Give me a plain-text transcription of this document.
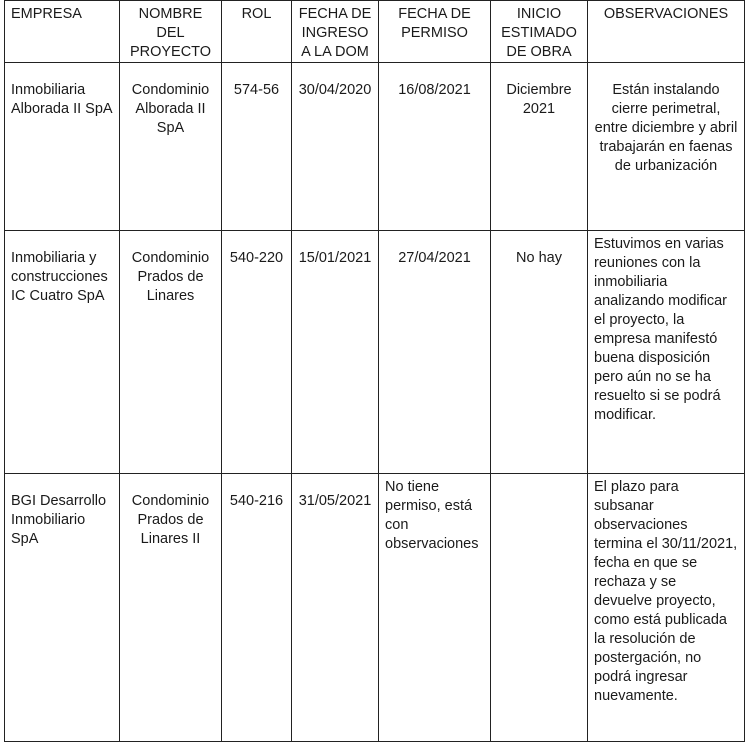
EMPRESA	NOMBRE DEL PROYECTO	ROL	FECHA DE INGRESO A LA DOM	FECHA DE PERMISO	INICIO ESTIMADO DE OBRA	OBSERVACIONES
Inmobiliaria Alborada II SpA	Condominio Alborada II SpA	574-56	30/04/2020	16/08/2021	Diciembre 2021	Están instalando cierre perimetral, entre diciembre y abril trabajarán en faenas de urbanización
Inmobiliaria y construcciones IC Cuatro SpA	Condominio Prados de Linares	540-220	15/01/2021	27/04/2021	No hay	Estuvimos en varias reuniones con la inmobiliaria analizando modificar el proyecto, la empresa manifestó buena disposición pero aún no se ha resuelto si se podrá modificar.
BGI Desarrollo Inmobiliario SpA	Condominio Prados de Linares II	540-216	31/05/2021	No tiene permiso, está con observaciones		El plazo para subsanar observaciones termina el 30/11/2021, fecha en que se rechaza y se devuelve proyecto, como está publicada la resolución de postergación, no podrá ingresar nuevamente.
